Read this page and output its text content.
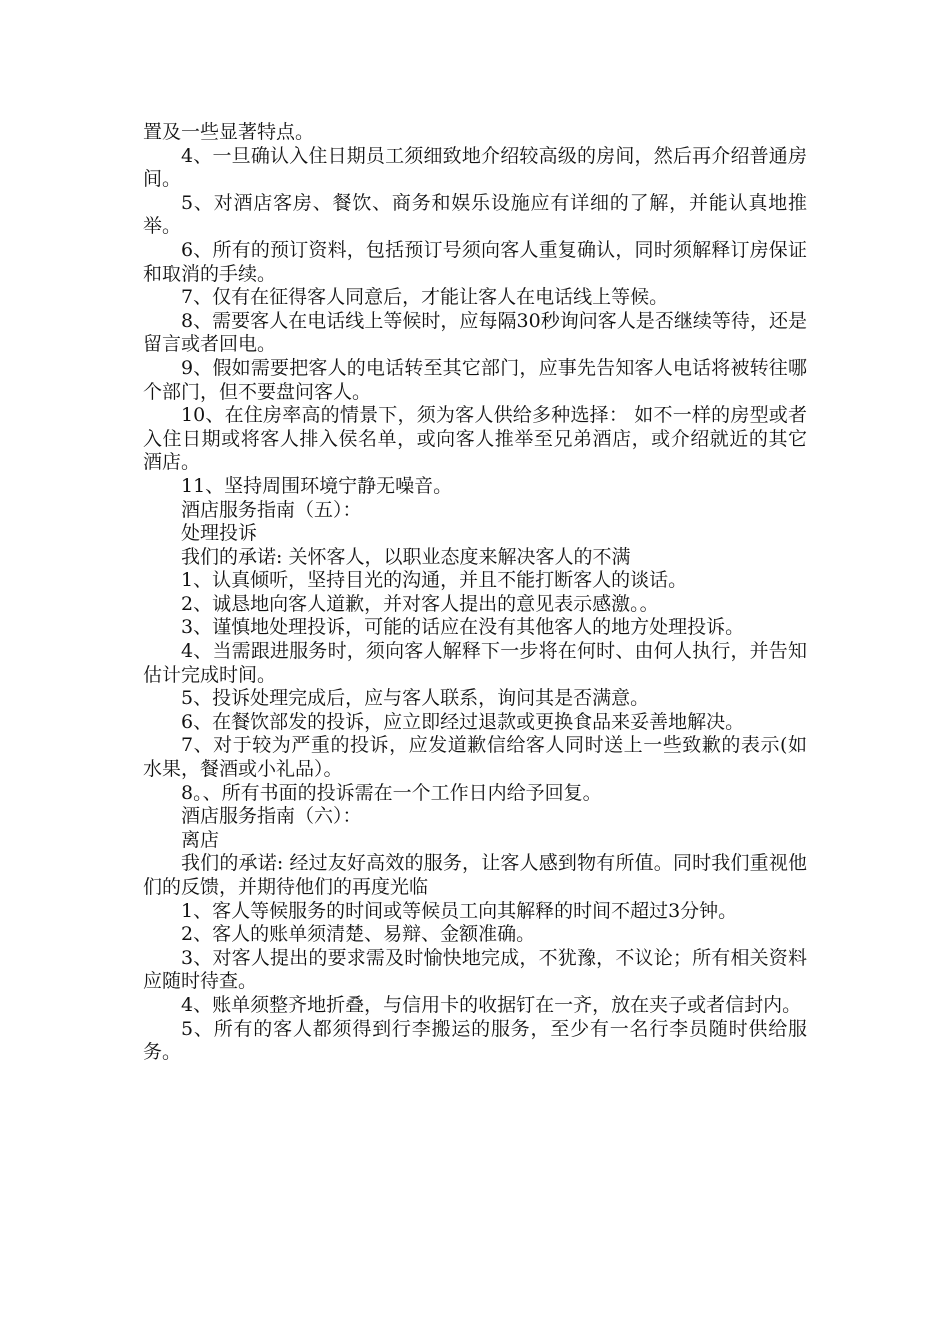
置及一些显著特点。

4、一旦确认入住日期员工须细致地介绍较高级的房间，然后再介绍普通房间。

5、对酒店客房、餐饮、商务和娱乐设施应有详细的了解，并能认真地推举。

6、所有的预订资料，包括预订号须向客人重复确认，同时须解释订房保证和取消的手续。

7、仅有在征得客人同意后，才能让客人在电话线上等候。

8、需要客人在电话线上等候时，应每隔30秒询问客人是否继续等待，还是留言或者回电。

9、假如需要把客人的电话转至其它部门，应事先告知客人电话将被转往哪个部门，但不要盘问客人。

10、在住房率高的情景下，须为客人供给多种选择： 如不一样的房型或者入住日期或将客人排入侯名单，或向客人推举至兄弟酒店，或介绍就近的其它酒店。

11、坚持周围环境宁静无噪音。

酒店服务指南（五）：

处理投诉

我们的承诺: 关怀客人，以职业态度来解决客人的不满

1、认真倾听，坚持目光的沟通，并且不能打断客人的谈话。

2、诚恳地向客人道歉，并对客人提出的意见表示感激。。

3、谨慎地处理投诉，可能的话应在没有其他客人的地方处理投诉。

4、当需跟进服务时，须向客人解释下一步将在何时、由何人执行，并告知估计完成时间。

5、投诉处理完成后，应与客人联系，询问其是否满意。

6、在餐饮部发的投诉，应立即经过退款或更换食品来妥善地解决。

7、对于较为严重的投诉，应发道歉信给客人同时送上一些致歉的表示(如水果，餐酒或小礼品）。

8。、所有书面的投诉需在一个工作日内给予回复。

酒店服务指南（六）：

离店

我们的承诺: 经过友好高效的服务，让客人感到物有所值。同时我们重视他们的反馈，并期待他们的再度光临

1、客人等候服务的时间或等候员工向其解释的时间不超过3分钟。

2、客人的账单须清楚、易辩、金额准确。

3、对客人提出的要求需及时愉快地完成，不犹豫，不议论；所有相关资料应随时待查。

4、账单须整齐地折叠，与信用卡的收据钉在一齐，放在夹子或者信封内。

5、所有的客人都须得到行李搬运的服务，至少有一名行李员随时供给服务。
